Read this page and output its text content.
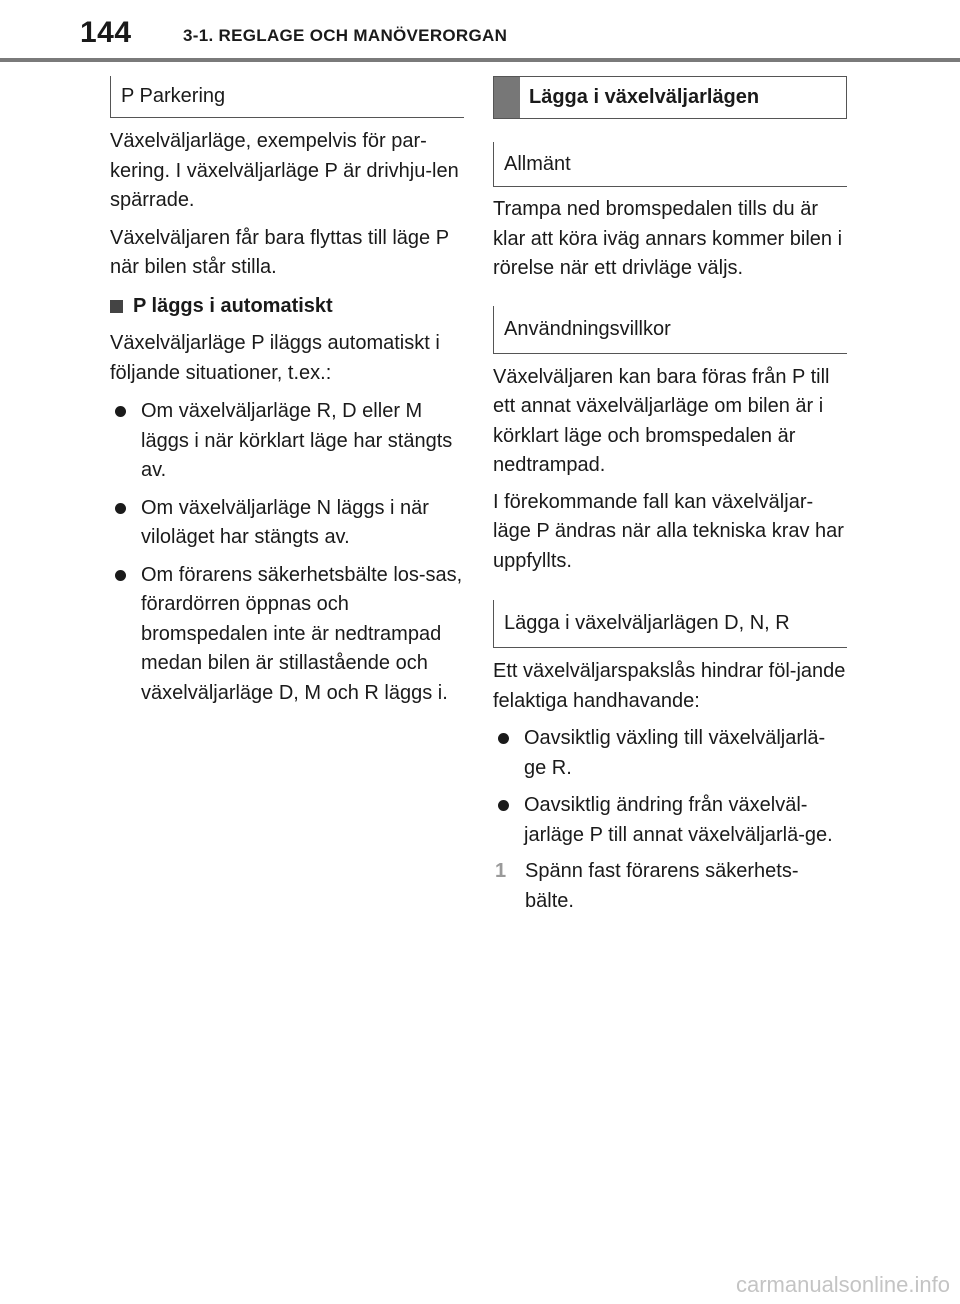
144	3-1. REGLAGE OCH MANÖVERORGAN
P Parkering

Växelväljarläge, exempelvis för par-kering. I växelväljarläge P är drivhju-len spärrade.

Växelväljaren får bara flyttas till läge P när bilen står stilla.

P läggs i automatiskt

Växelväljarläge P iläggs automatiskt i följande situationer, t.ex.:

Om växelväljarläge R, D eller M läggs i när körklart läge har stängts av.

Om växelväljarläge N läggs i när viloläget har stängts av.

Om förarens säkerhetsbälte los-sas, förardörren öppnas och bromspedalen inte är nedtrampad medan bilen är stillastående och växelväljarläge D, M och R läggs i.

Lägga i växelväljarlägen
Allmänt

Trampa ned bromspedalen tills du är klar att köra iväg annars kommer bilen i rörelse när ett drivläge väljs.

Användningsvillkor

Växelväljaren kan bara föras från P till ett annat växelväljarläge om bilen är i körklart läge och bromspedalen är nedtrampad.

I förekommande fall kan växelväljar-läge P ändras när alla tekniska krav har uppfyllts.

Lägga i växelväljarlägen D, N, R

Ett växelväljarspakslås hindrar föl-jande felaktiga handhavande:

Oavsiktlig växling till växelväljarlä-ge R.

Oavsiktlig ändring från växelväl-jarläge P till annat växelväljarlä-ge.

1 Spänn fast förarens säkerhets-bälte.

carmanualsonline.info
